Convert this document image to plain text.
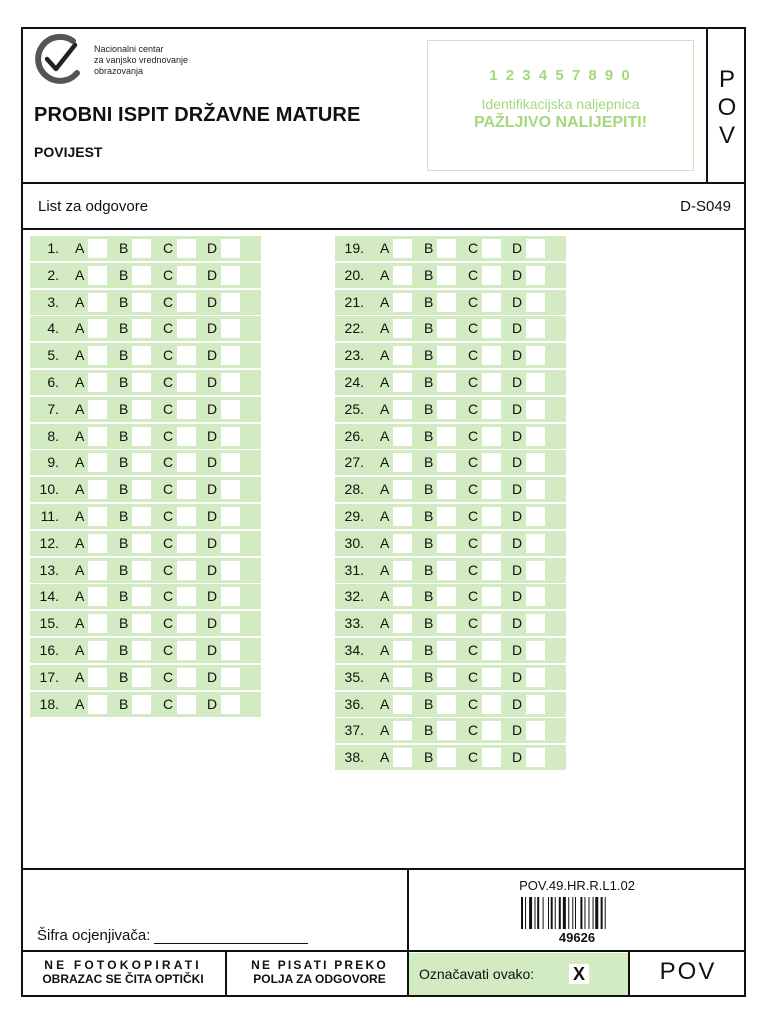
Nacionalni centar
za vanjsko vrednovanje
obrazovanja
PROBNI ISPIT DRŽAVNE MATURE
POVIJEST
1 2 3 4 5 7 8 9 0
Identifikacijska naljepnica
PAŽLJIVO NALIJEPITI!
P
O
V
List za odgovore	D-S049
1. A B C D
2. A B C D
3. A B C D
4. A B C D
5. A B C D
6. A B C D
7. A B C D
8. A B C D
9. A B C D
10. A B C D
11. A B C D
12. A B C D
13. A B C D
14. A B C D
15. A B C D
16. A B C D
17. A B C D
18. A B C D
19. A B C D
20. A B C D
21. A B C D
22. A B C D
23. A B C D
24. A B C D
25. A B C D
26. A B C D
27. A B C D
28. A B C D
29. A B C D
30. A B C D
31. A B C D
32. A B C D
33. A B C D
34. A B C D
35. A B C D
36. A B C D
37. A B C D
38. A B C D
Šifra ocjenjivača:
POV.49.HR.R.L1.02
49626
NE FOTOKOPIRATI
OBRAZAC SE ČITA OPTIČKI
NE PISATI PREKO
POLJA ZA ODGOVORE	Označavati ovako: X	POV
